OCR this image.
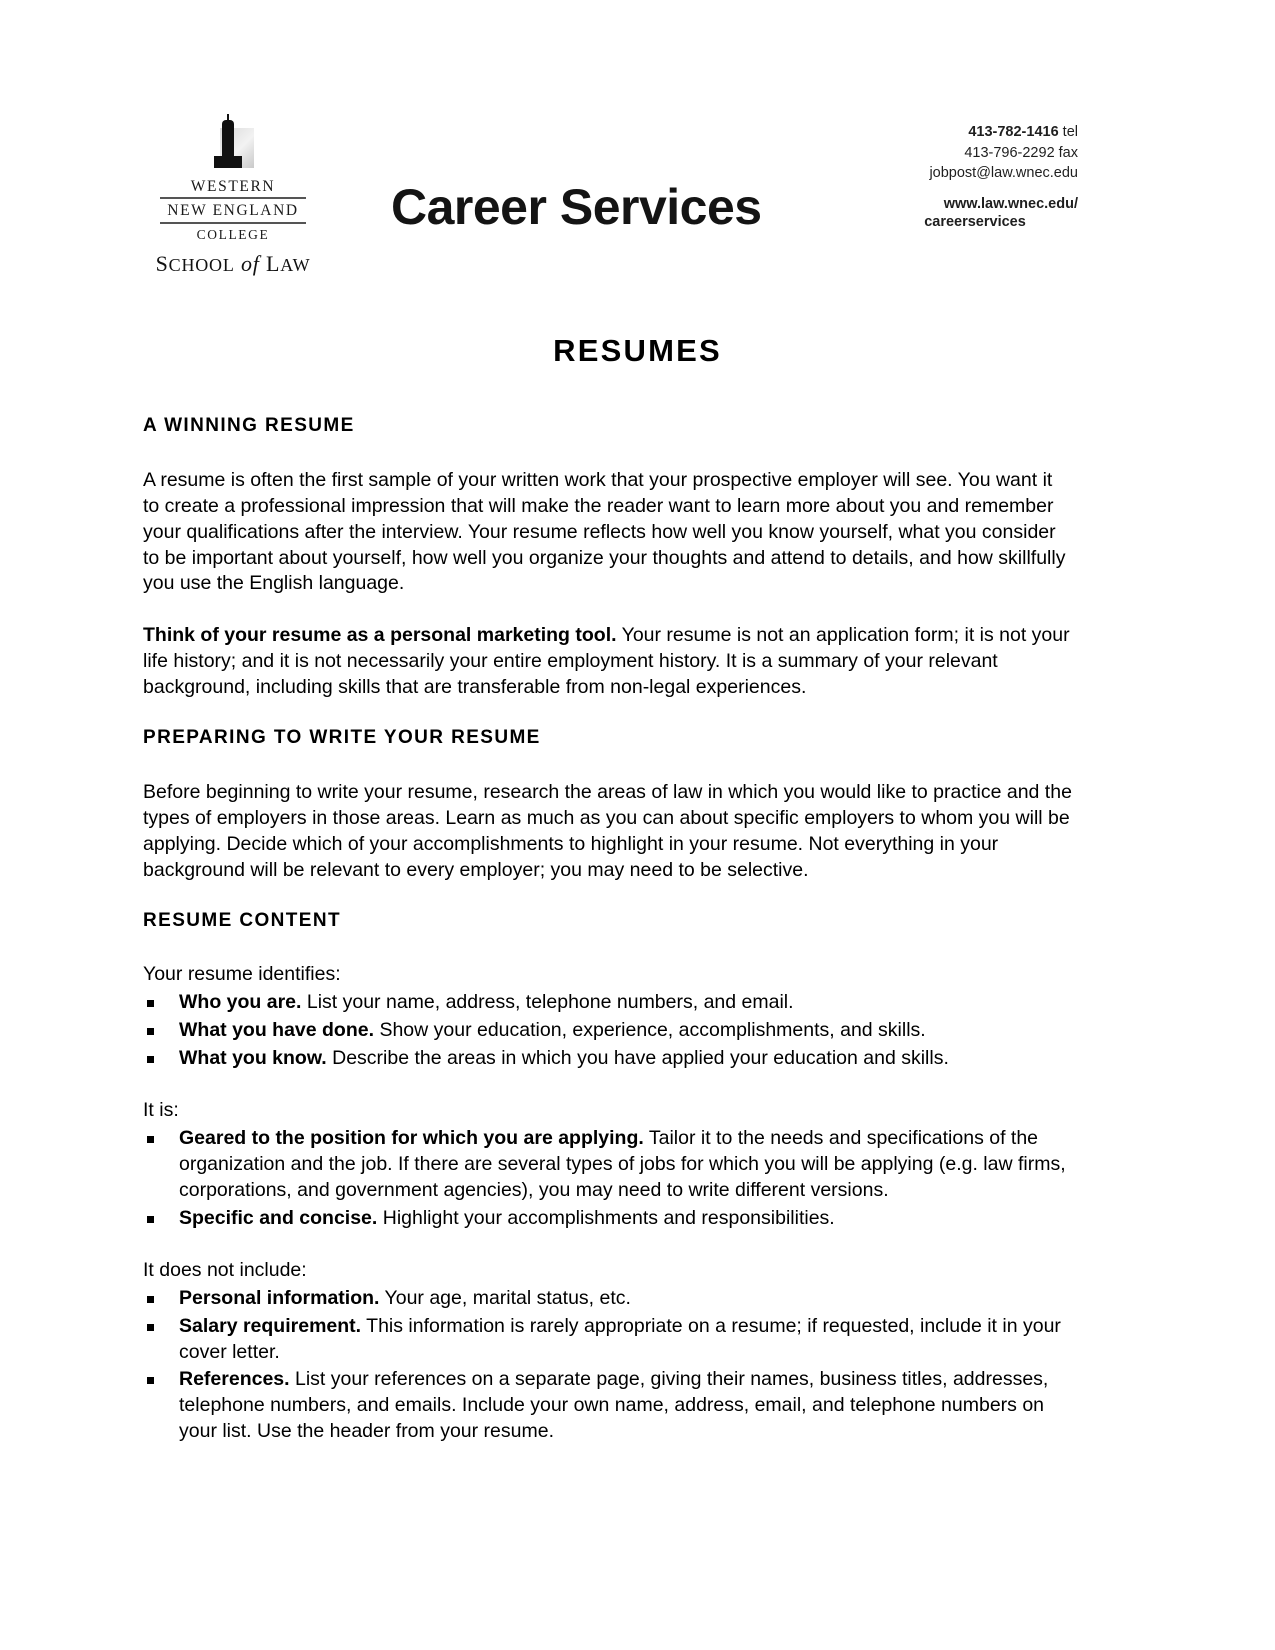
WESTERN
NEW ENGLAND
COLLEGE
SCHOOL of LAW
Career Services
413-782-1416 tel
413-796-2292 fax
jobpost@law.wnec.edu
www.law.wnec.edu/
careerservices
RESUMES
A WINNING RESUME

A resume is often the first sample of your written work that your prospective employer will see. You want it to create a professional impression that will make the reader want to learn more about you and remember your qualifications after the interview. Your resume reflects how well you know yourself, what you consider to be important about yourself, how well you organize your thoughts and attend to details, and how skillfully you use the English language.

Think of your resume as a personal marketing tool. Your resume is not an application form; it is not your life history; and it is not necessarily your entire employment history. It is a summary of your relevant background, including skills that are transferable from non-legal experiences.

PREPARING TO WRITE YOUR RESUME

Before beginning to write your resume, research the areas of law in which you would like to practice and the types of employers in those areas. Learn as much as you can about specific employers to whom you will be applying. Decide which of your accomplishments to highlight in your resume. Not everything in your background will be relevant to every employer; you may need to be selective.

RESUME CONTENT
Your resume identifies:
Who you are. List your name, address, telephone numbers, and email.
What you have done. Show your education, experience, accomplishments, and skills.
What you know. Describe the areas in which you have applied your education and skills.
It is:
Geared to the position for which you are applying. Tailor it to the needs and specifications of the organization and the job. If there are several types of jobs for which you will be applying (e.g. law firms, corporations, and government agencies), you may need to write different versions.
Specific and concise. Highlight your accomplishments and responsibilities.
It does not include:
Personal information. Your age, marital status, etc.
Salary requirement. This information is rarely appropriate on a resume; if requested, include it in your cover letter.
References. List your references on a separate page, giving their names, business titles, addresses, telephone numbers, and emails. Include your own name, address, email, and telephone numbers on your list. Use the header from your resume.
